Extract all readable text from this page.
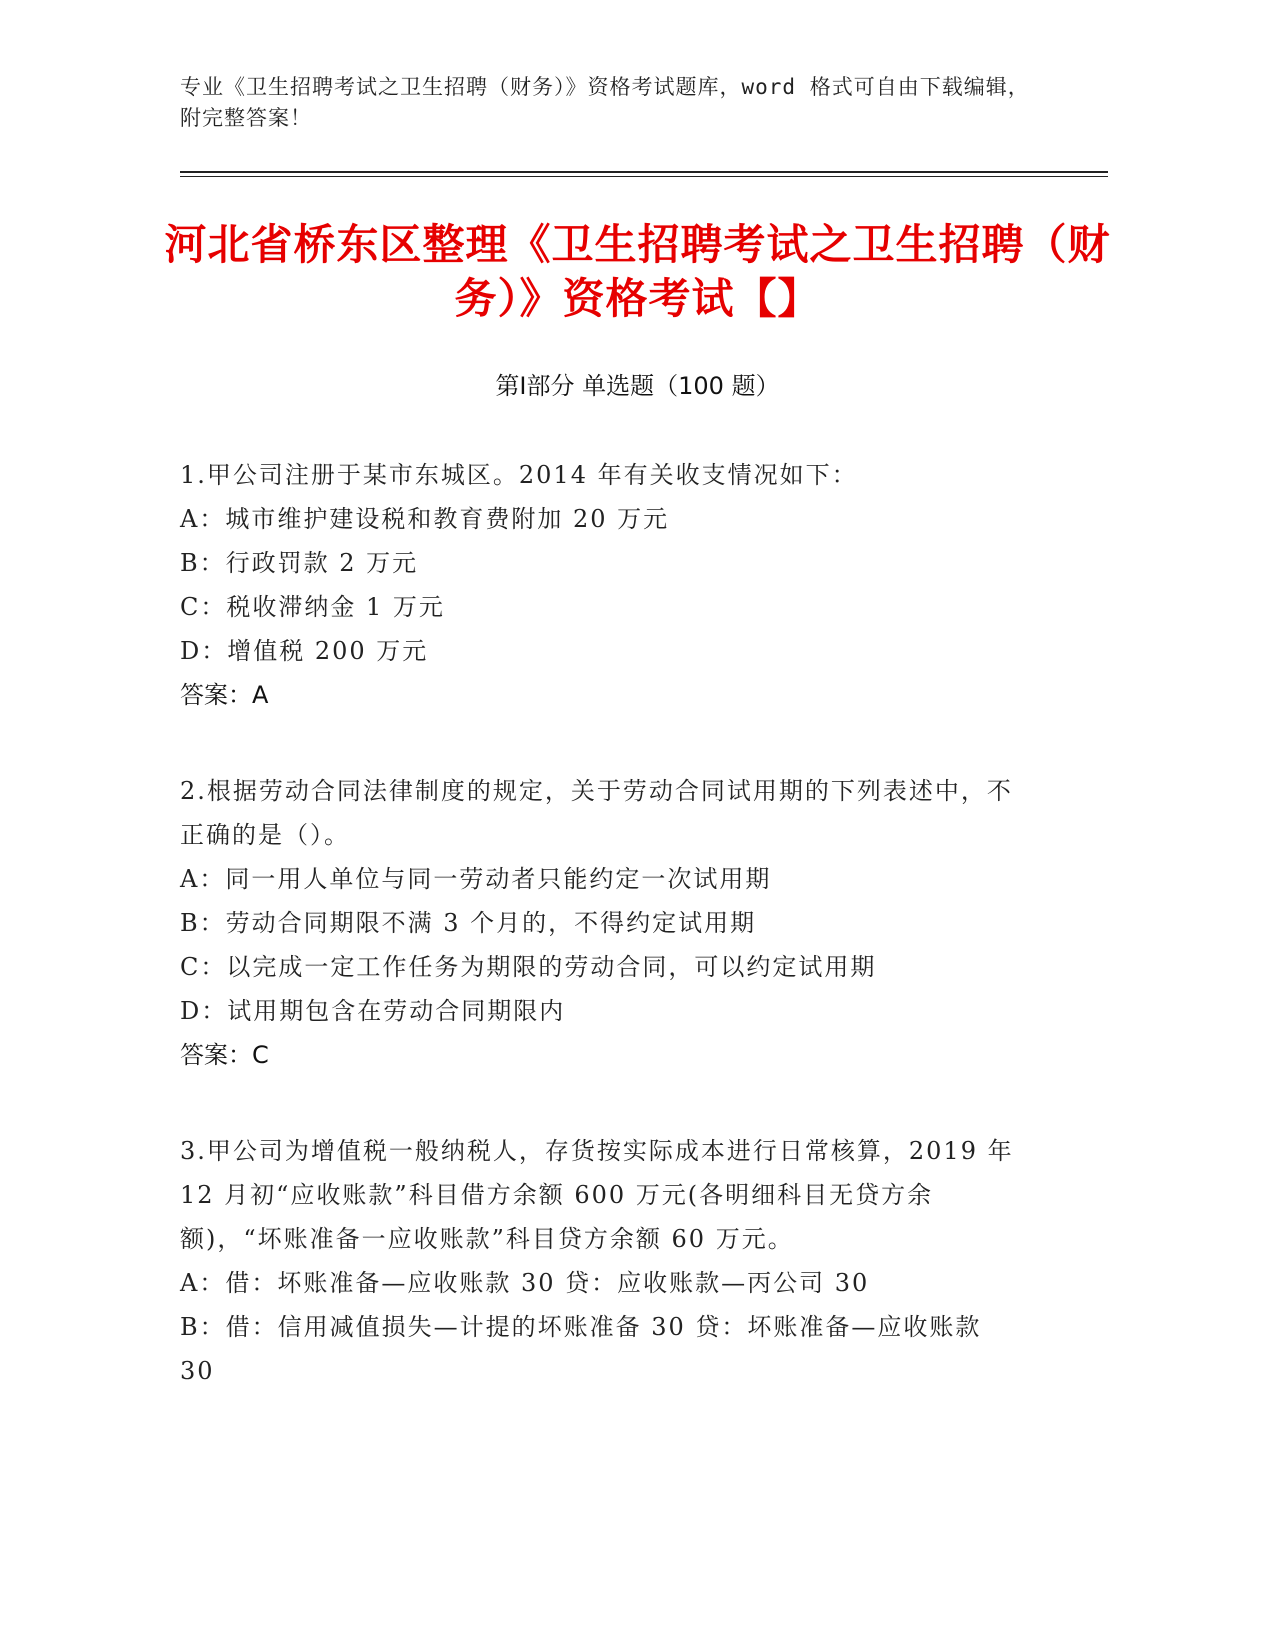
专业《卫生招聘考试之卫生招聘（财务）》资格考试题库，word 格式可自由下载编辑，附完整答案！
河北省桥东区整理《卫生招聘考试之卫生招聘（财务）》资格考试【】
第Ⅰ部分 单选题（100 题）

1.甲公司注册于某市东城区。2014 年有关收支情况如下：

A：城市维护建设税和教育费附加 20 万元

B：行政罚款 2 万元

C：税收滞纳金 1 万元

D：增值税 200 万元

答案：A

2.根据劳动合同法律制度的规定，关于劳动合同试用期的下列表述中，不正确的是（）。

A：同一用人单位与同一劳动者只能约定一次试用期

B：劳动合同期限不满 3 个月的，不得约定试用期

C：以完成一定工作任务为期限的劳动合同，可以约定试用期

D：试用期包含在劳动合同期限内

答案：C

3.甲公司为增值税一般纳税人，存货按实际成本进行日常核算，2019 年 12 月初“应收账款”科目借方余额 600 万元(各明细科目无贷方余额)，“坏账准备一应收账款”科目贷方余额 60 万元。

A：借：坏账准备—应收账款 30 贷：应收账款—丙公司 30

B：借：信用减值损失—计提的坏账准备 30 贷：坏账准备—应收账款 30
